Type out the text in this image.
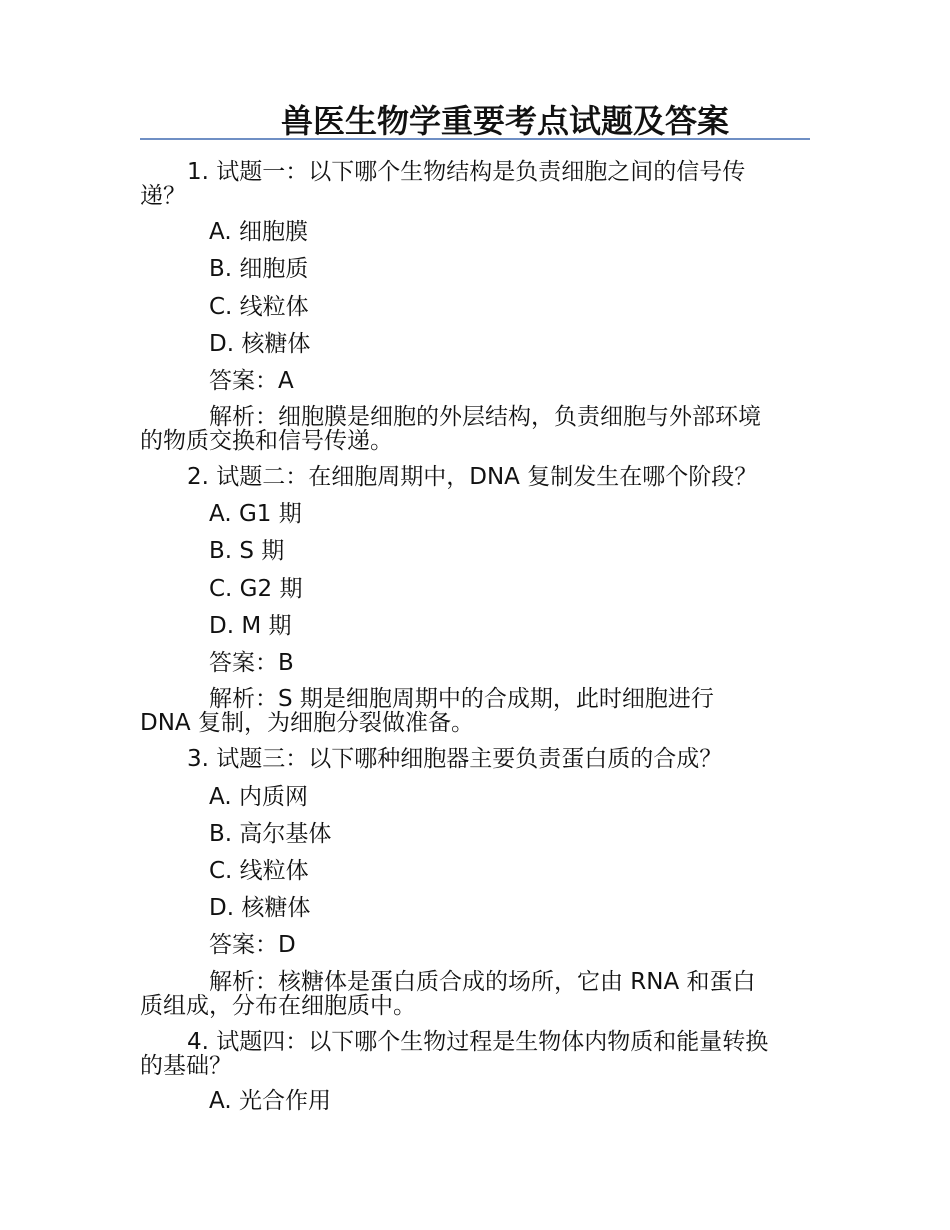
兽医生物学重要考点试题及答案
1. 试题一：以下哪个生物结构是负责细胞之间的信号传
递？
A. 细胞膜
B. 细胞质
C. 线粒体
D. 核糖体
答案：A
解析：细胞膜是细胞的外层结构，负责细胞与外部环境
的物质交换和信号传递。
2. 试题二：在细胞周期中，DNA 复制发生在哪个阶段？
A. G1 期
B. S 期
C. G2 期
D. M 期
答案：B
解析：S 期是细胞周期中的合成期，此时细胞进行
DNA 复制，为细胞分裂做准备。
3. 试题三：以下哪种细胞器主要负责蛋白质的合成？
A. 内质网
B. 高尔基体
C. 线粒体
D. 核糖体
答案：D
解析：核糖体是蛋白质合成的场所，它由 RNA 和蛋白
质组成，分布在细胞质中。
4. 试题四：以下哪个生物过程是生物体内物质和能量转换
的基础？
A. 光合作用
